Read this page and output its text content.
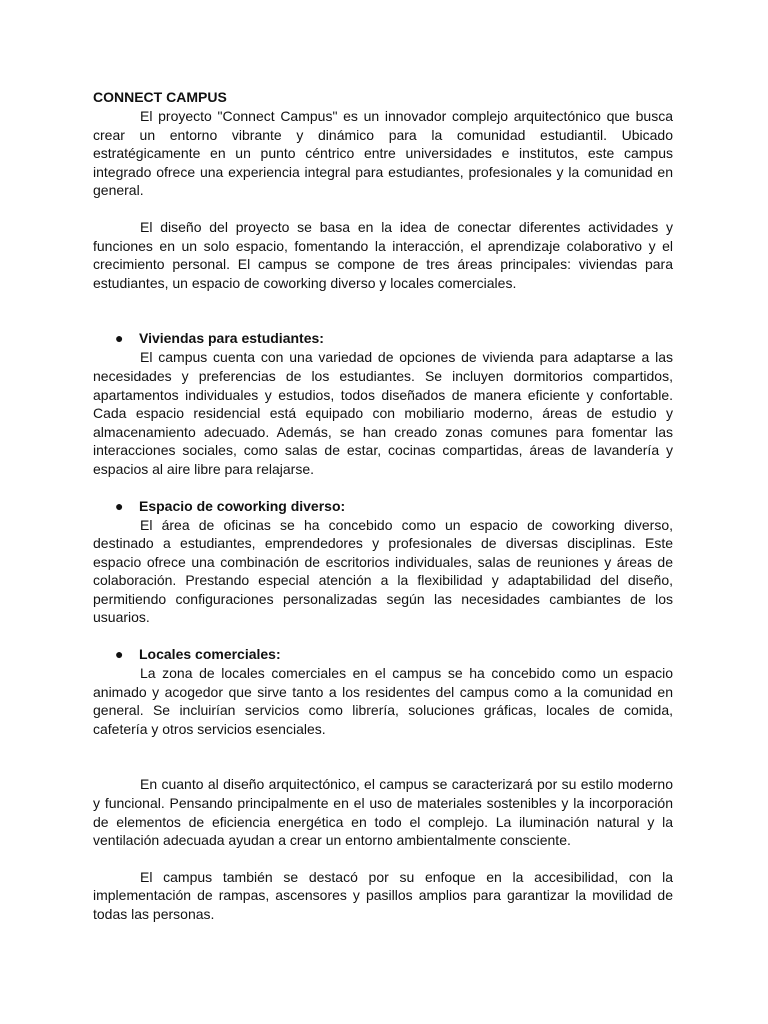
CONNECT CAMPUS

El proyecto "Connect Campus" es un innovador complejo arquitectónico que busca crear un entorno vibrante y dinámico para la comunidad estudiantil. Ubicado estratégicamente en un punto céntrico entre universidades e institutos, este campus integrado ofrece una experiencia integral para estudiantes, profesionales y la comunidad en general.

El diseño del proyecto se basa en la idea de conectar diferentes actividades y funciones en un solo espacio, fomentando la interacción, el aprendizaje colaborativo y el crecimiento personal. El campus se compone de tres áreas principales: viviendas para estudiantes, un espacio de coworking diverso y locales comerciales.

● Viviendas para estudiantes:

El campus cuenta con una variedad de opciones de vivienda para adaptarse a las necesidades y preferencias de los estudiantes. Se incluyen dormitorios compartidos, apartamentos individuales y estudios, todos diseñados de manera eficiente y confortable. Cada espacio residencial está equipado con mobiliario moderno, áreas de estudio y almacenamiento adecuado. Además, se han creado zonas comunes para fomentar las interacciones sociales, como salas de estar, cocinas compartidas, áreas de lavandería y espacios al aire libre para relajarse.

● Espacio de coworking diverso:

El área de oficinas se ha concebido como un espacio de coworking diverso, destinado a estudiantes, emprendedores y profesionales de diversas disciplinas. Este espacio ofrece una combinación de escritorios individuales, salas de reuniones y áreas de colaboración. Prestando especial atención a la flexibilidad y adaptabilidad del diseño, permitiendo configuraciones personalizadas según las necesidades cambiantes de los usuarios.

● Locales comerciales:

La zona de locales comerciales en el campus se ha concebido como un espacio animado y acogedor que sirve tanto a los residentes del campus como a la comunidad en general. Se incluirían servicios como librería, soluciones gráficas, locales de comida, cafetería y otros servicios esenciales.

En cuanto al diseño arquitectónico, el campus se caracterizará por su estilo moderno y funcional. Pensando principalmente en el uso de materiales sostenibles y la incorporación de elementos de eficiencia energética en todo el complejo. La iluminación natural y la ventilación adecuada ayudan a crear un entorno ambientalmente consciente.

El campus también se destacó por su enfoque en la accesibilidad, con la implementación de rampas, ascensores y pasillos amplios para garantizar la movilidad de todas las personas.
